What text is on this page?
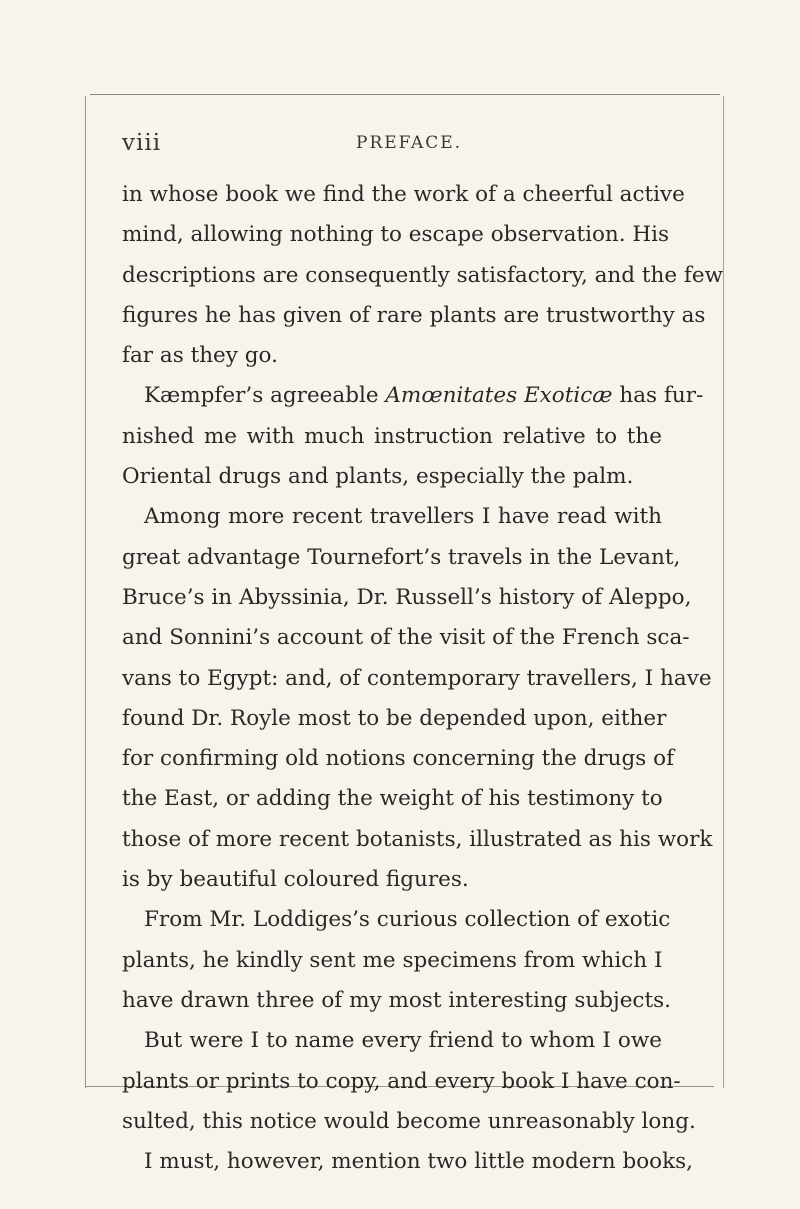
viii	PREFACE.
in whose book we find the work of a cheerful active
mind, allowing nothing to escape observation. His
descriptions are consequently satisfactory, and the few
figures he has given of rare plants are trustworthy as
far as they go.
Kæmpfer’s agreeable Amœnitates Exoticæ has fur-
nished me with much instruction relative to the
Oriental drugs and plants, especially the palm.
Among more recent travellers I have read with
great advantage Tournefort’s travels in the Levant,
Bruce’s in Abyssinia, Dr. Russell’s history of Aleppo,
and Sonnini’s account of the visit of the French sca-
vans to Egypt: and, of contemporary travellers, I have
found Dr. Royle most to be depended upon, either
for confirming old notions concerning the drugs of
the East, or adding the weight of his testimony to
those of more recent botanists, illustrated as his work
is by beautiful coloured figures.
From Mr. Loddiges’s curious collection of exotic
plants, he kindly sent me specimens from which I
have drawn three of my most interesting subjects.
But were I to name every friend to whom I owe
plants or prints to copy, and every book I have con-
sulted, this notice would become unreasonably long.
I must, however, mention two little modern books,
